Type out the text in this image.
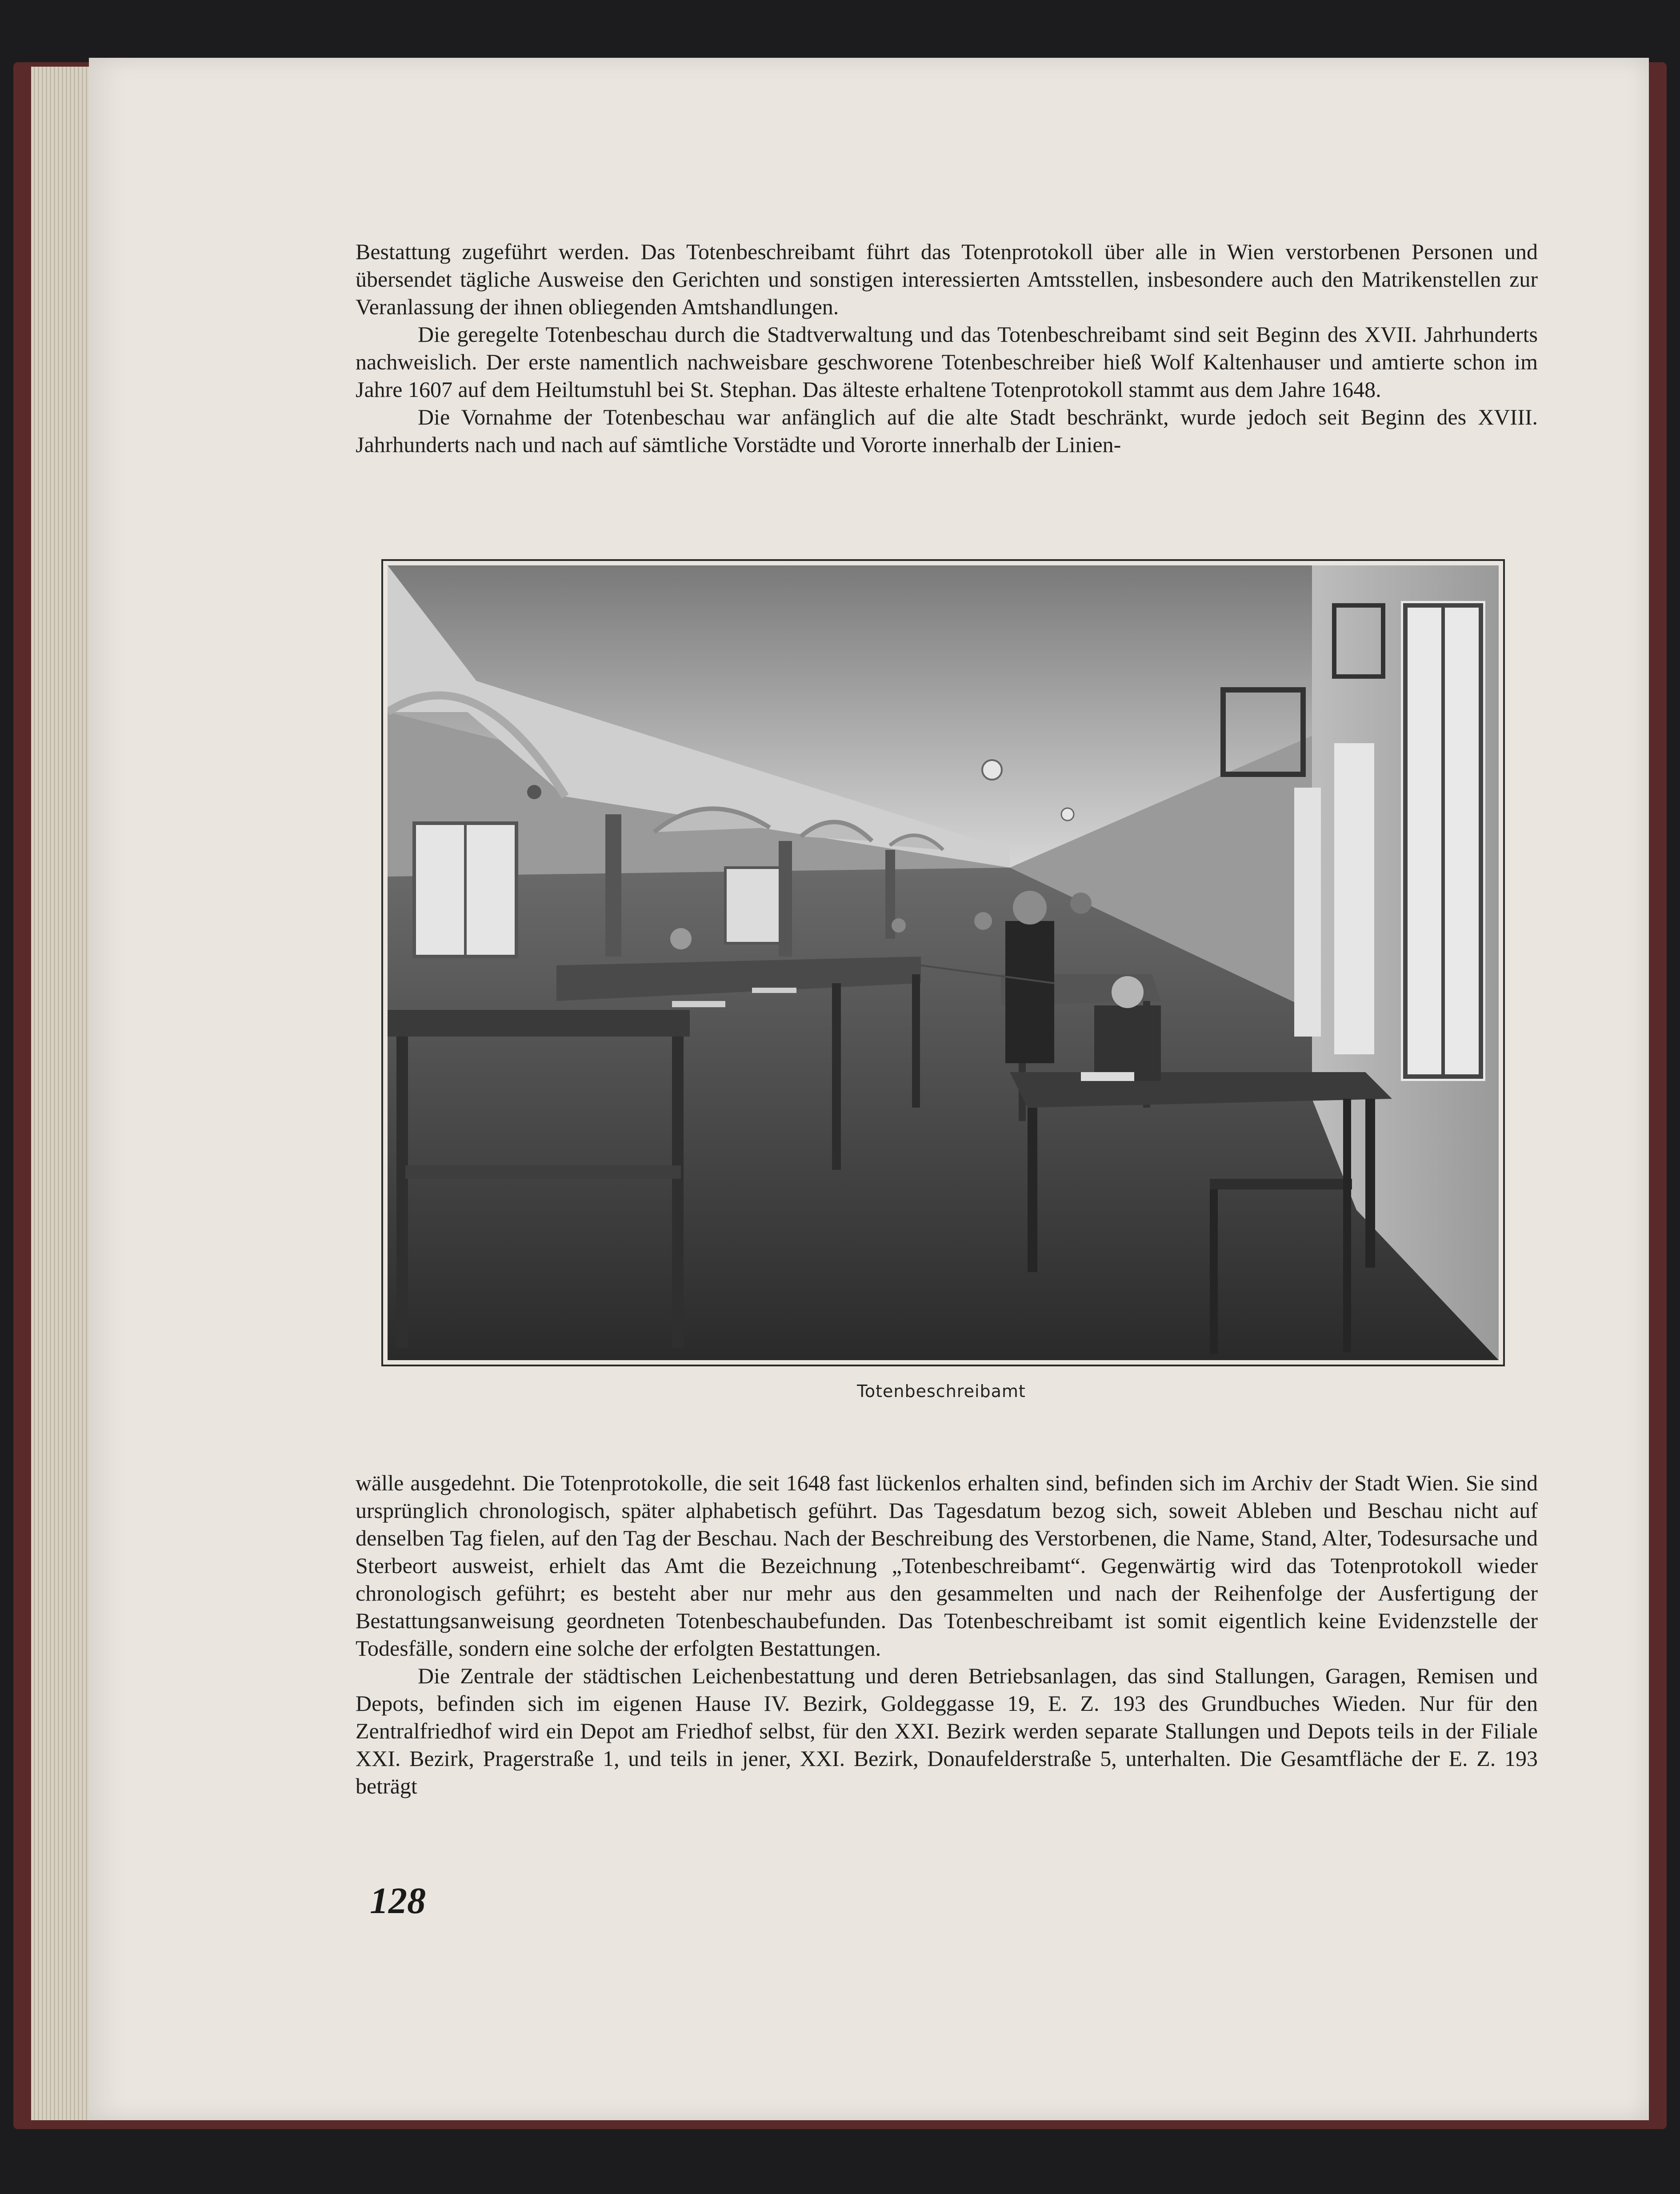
Bestattung zugeführt werden. Das Totenbeschreibamt führt das Totenprotokoll über alle in Wien verstorbenen Personen und übersendet tägliche Ausweise den Gerichten und sonstigen interessierten Amtsstellen, insbesondere auch den Matrikenstellen zur Veranlassung der ihnen obliegenden Amtshandlungen.

Die geregelte Totenbeschau durch die Stadtverwaltung und das Totenbeschreibamt sind seit Beginn des XVII. Jahrhunderts nachweislich. Der erste namentlich nachweisbare geschworene Totenbeschreiber hieß Wolf Kaltenhauser und amtierte schon im Jahre 1607 auf dem Heiltumstuhl bei St. Stephan. Das älteste erhaltene Totenprotokoll stammt aus dem Jahre 1648.

Die Vornahme der Totenbeschau war anfänglich auf die alte Stadt beschränkt, wurde jedoch seit Beginn des XVIII. Jahrhunderts nach und nach auf sämtliche Vorstädte und Vororte innerhalb der Linien-

Totenbeschreibamt

wälle ausgedehnt. Die Totenprotokolle, die seit 1648 fast lückenlos erhalten sind, befinden sich im Archiv der Stadt Wien. Sie sind ursprünglich chronologisch, später alphabetisch geführt. Das Tagesdatum bezog sich, soweit Ableben und Beschau nicht auf denselben Tag fielen, auf den Tag der Beschau. Nach der Beschreibung des Verstorbenen, die Name, Stand, Alter, Todesursache und Sterbeort ausweist, erhielt das Amt die Bezeichnung „Totenbeschreibamt“. Gegenwärtig wird das Totenprotokoll wieder chronologisch geführt; es besteht aber nur mehr aus den gesammelten und nach der Reihenfolge der Ausfertigung der Bestattungsanweisung geordneten Totenbeschaubefunden. Das Totenbeschreibamt ist somit eigentlich keine Evidenzstelle der Todesfälle, sondern eine solche der erfolgten Bestattungen.

Die Zentrale der städtischen Leichenbestattung und deren Betriebsanlagen, das sind Stallungen, Garagen, Remisen und Depots, befinden sich im eigenen Hause IV. Bezirk, Goldeggasse 19, E. Z. 193 des Grundbuches Wieden. Nur für den Zentralfriedhof wird ein Depot am Friedhof selbst, für den XXI. Bezirk werden separate Stallungen und Depots teils in der Filiale XXI. Bezirk, Pragerstraße 1, und teils in jener, XXI. Bezirk, Donaufelderstraße 5, unterhalten. Die Gesamtfläche der E. Z. 193 beträgt

128
